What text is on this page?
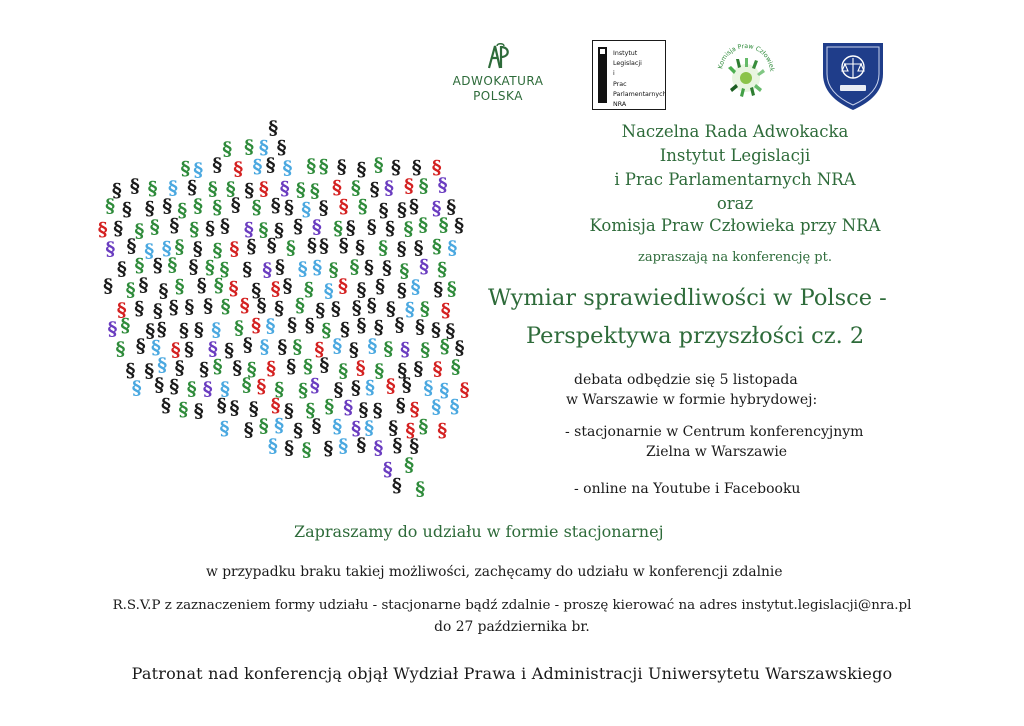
ADWOKATURA
POLSKA
Instytut
Legislacji
i
Prac
Parlamentarnych
NRA
Komisja Praw Człowiek
§
§ § § §
§ § § § § § § § § § § § § § §
§ § § § § § § § § § § § § § § § § § §
§ § § § § § § § § § § § § § § § § § § §
§ § § § § § § § § § § § § § § § § § § § §
§ § § § § § § § § § § § § § § § § § § §
§ § § § § § § § § § § § § § § § § § §
§ § § § § § § § § § § § § § § § § § § §
§ § § § § § § § § § § § § § § § § § §
§ § § § § § § § § § § § § § § § § § § §
§ § § § § § § § § § § § § § § § § § § §
§ § § § § § § § § § § § § § § § § § §
§ § § § § § § § § § § § § § § § § § §
§ § § § § § § § § § § § § § § § §
§ § § § § § § § § § § § §
§ § § § § § § § §
§ §
§ §
Naczelna Rada Adwokacka
Instytut Legislacji
i Prac Parlamentarnych NRA
oraz
Komisja Praw Człowieka przy NRA
zapraszają na konferencję pt.
Wymiar sprawiedliwości w Polsce -
Perspektywa przyszłości cz. 2
debata odbędzie się 5 listopada
w Warszawie w formie hybrydowej:
- stacjonarnie w Centrum konferencyjnym
Zielna w Warszawie
- online na Youtube i Facebooku
Zapraszamy do udziału w formie stacjonarnej
w przypadku braku takiej możliwości, zachęcamy do udziału w konferencji zdalnie
R.S.V.P z zaznaczeniem formy udziału - stacjonarne bądź zdalnie - proszę kierować na adres instytut.legislacji@nra.pl
do 27 października br.
Patronat nad konferencją objął Wydział Prawa i Administracji Uniwersytetu Warszawskiego
